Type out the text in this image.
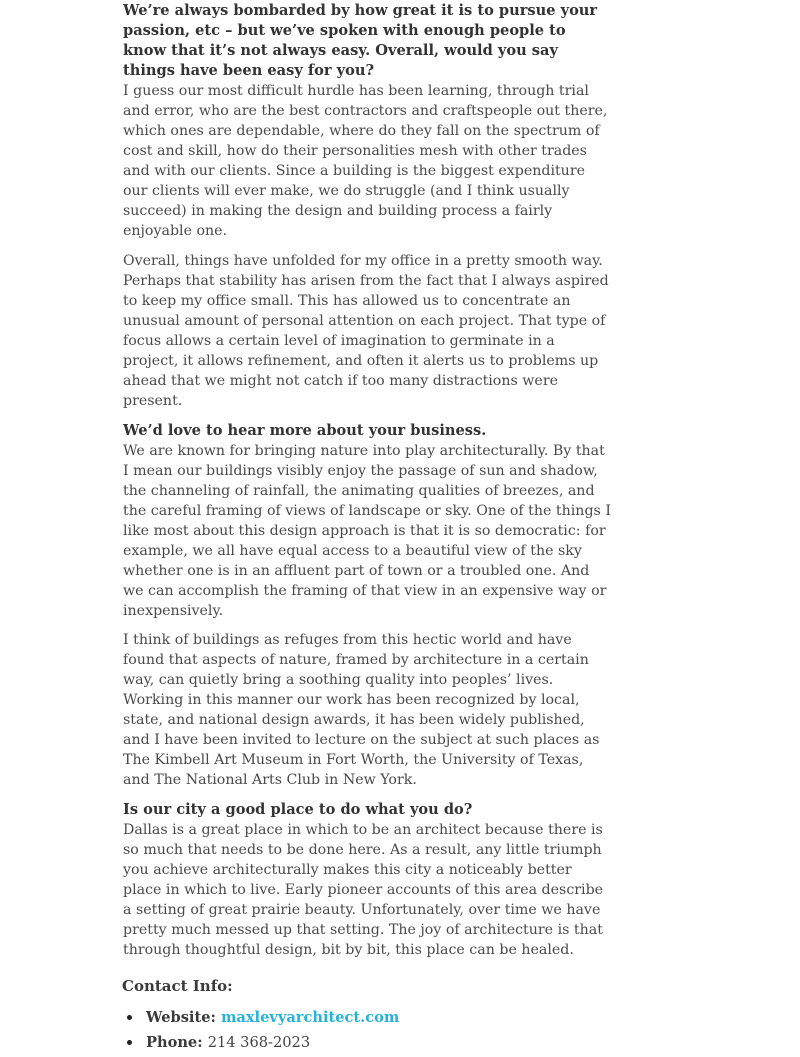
We’re always bombarded by how great it is to pursue your passion, etc – but we’ve spoken with enough people to know that it’s not always easy. Overall, would you say things have been easy for you?

I guess our most difficult hurdle has been learning, through trial and error, who are the best contractors and craftspeople out there, which ones are dependable, where do they fall on the spectrum of cost and skill, how do their personalities mesh with other trades and with our clients. Since a building is the biggest expenditure our clients will ever make, we do struggle (and I think usually succeed) in making the design and building process a fairly enjoyable one.

Overall, things have unfolded for my office in a pretty smooth way. Perhaps that stability has arisen from the fact that I always aspired to keep my office small. This has allowed us to concentrate an unusual amount of personal attention on each project. That type of focus allows a certain level of imagination to germinate in a project, it allows refinement, and often it alerts us to problems up ahead that we might not catch if too many distractions were present.

We’d love to hear more about your business.

We are known for bringing nature into play architecturally. By that I mean our buildings visibly enjoy the passage of sun and shadow, the channeling of rainfall, the animating qualities of breezes, and the careful framing of views of landscape or sky. One of the things I like most about this design approach is that it is so democratic: for example, we all have equal access to a beautiful view of the sky whether one is in an affluent part of town or a troubled one. And we can accomplish the framing of that view in an expensive way or inexpensively.

I think of buildings as refuges from this hectic world and have found that aspects of nature, framed by architecture in a certain way, can quietly bring a soothing quality into peoples’ lives. Working in this manner our work has been recognized by local, state, and national design awards, it has been widely published, and I have been invited to lecture on the subject at such places as The Kimbell Art Museum in Fort Worth, the University of Texas, and The National Arts Club in New York.

Is our city a good place to do what you do?

Dallas is a great place in which to be an architect because there is so much that needs to be done here. As a result, any little triumph you achieve architecturally makes this city a noticeably better place in which to live. Early pioneer accounts of this area describe a setting of great prairie beauty. Unfortunately, over time we have pretty much messed up that setting. The joy of architecture is that through thoughtful design, bit by bit, this place can be healed.

Contact Info:
Website: maxlevyarchitect.com
Phone: 214 368-2023
